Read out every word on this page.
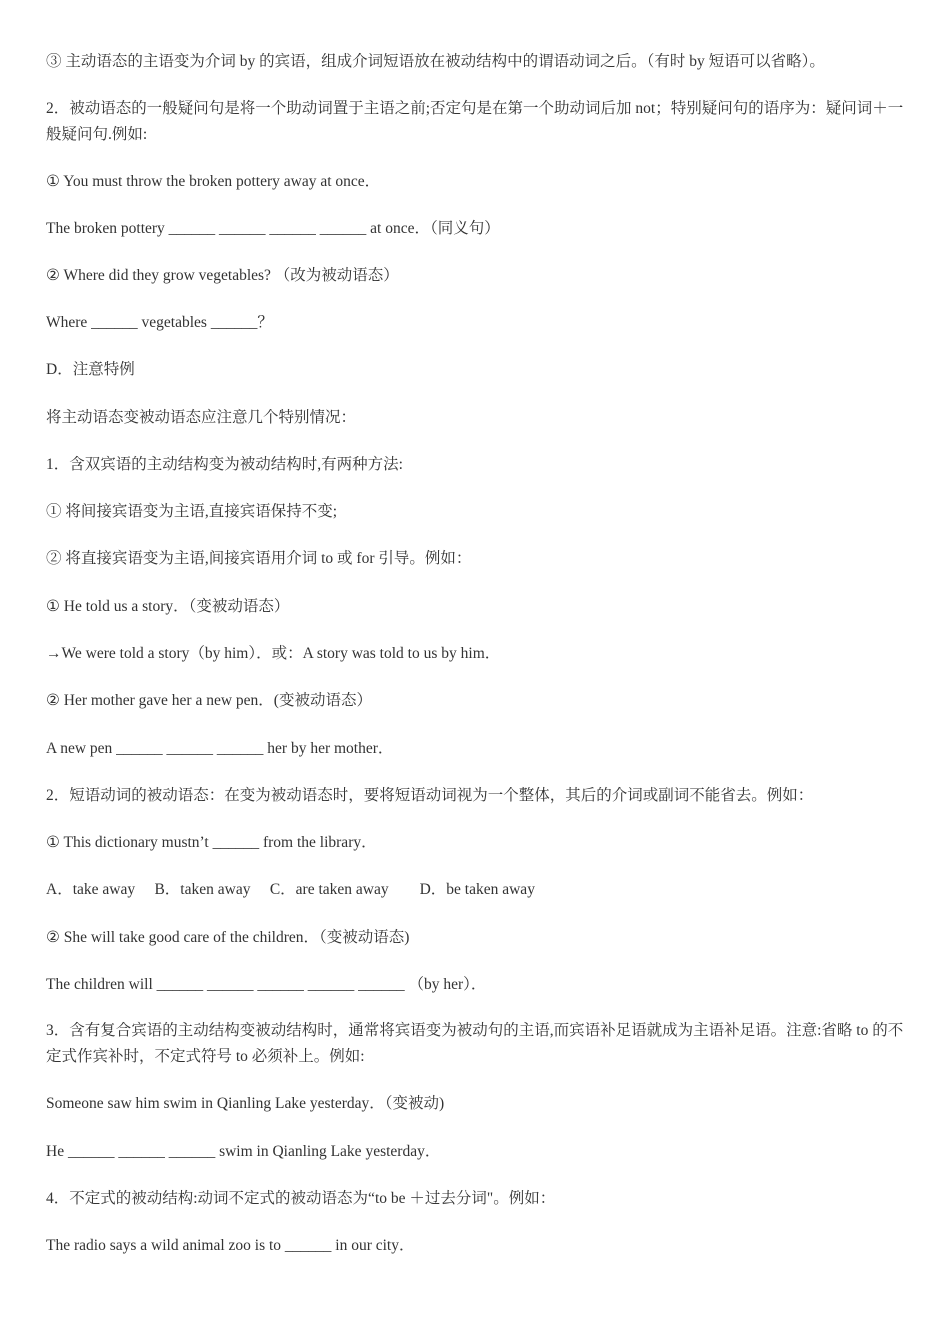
③ 主动语态的主语变为介词 by 的宾语，组成介词短语放在被动结构中的谓语动词之后。（有时 by 短语可以省略）。
2．被动语态的一般疑问句是将一个助动词置于主语之前;否定句是在第一个助动词后加 not；特别疑问句的语序为：疑问词＋一般疑问句.例如:
① You must throw the broken pottery away at once．
The broken pottery ______ ______ ______ ______ at once．（同义句）
② Where did they grow vegetables? （改为被动语态）
Where ______ vegetables ______？
D．注意特例
将主动语态变被动语态应注意几个特别情况：
1．含双宾语的主动结构变为被动结构时,有两种方法:
① 将间接宾语变为主语,直接宾语保持不变;
② 将直接宾语变为主语,间接宾语用介词 to 或 for 引导。例如：
① He told us a story．（变被动语态）
→We were told a story（by him）．或：A story was told to us by him．
② Her mother gave her a new pen．(变被动语态）
A new pen ______ ______ ______ her by her mother．
2．短语动词的被动语态：在变为被动语态时，要将短语动词视为一个整体，其后的介词或副词不能省去。例如：
① This dictionary mustn’t ______ from the library．
A．take away　 B．taken away　 C．are taken away　　D．be taken away
② She will take good care of the children．（变被动语态)
The children will ______ ______ ______ ______ ______ （by her）．
3．含有复合宾语的主动结构变被动结构时，通常将宾语变为被动句的主语,而宾语补足语就成为主语补足语。注意:省略 to 的不定式作宾补时，不定式符号 to 必须补上。例如:
Someone saw him swim in Qianling Lake yesterday．（变被动)
He ______ ______ ______ swim in Qianling Lake yesterday．
4．不定式的被动结构:动词不定式的被动语态为“to be ＋过去分词"。例如：
The radio says a wild animal zoo is to ______ in our city．
